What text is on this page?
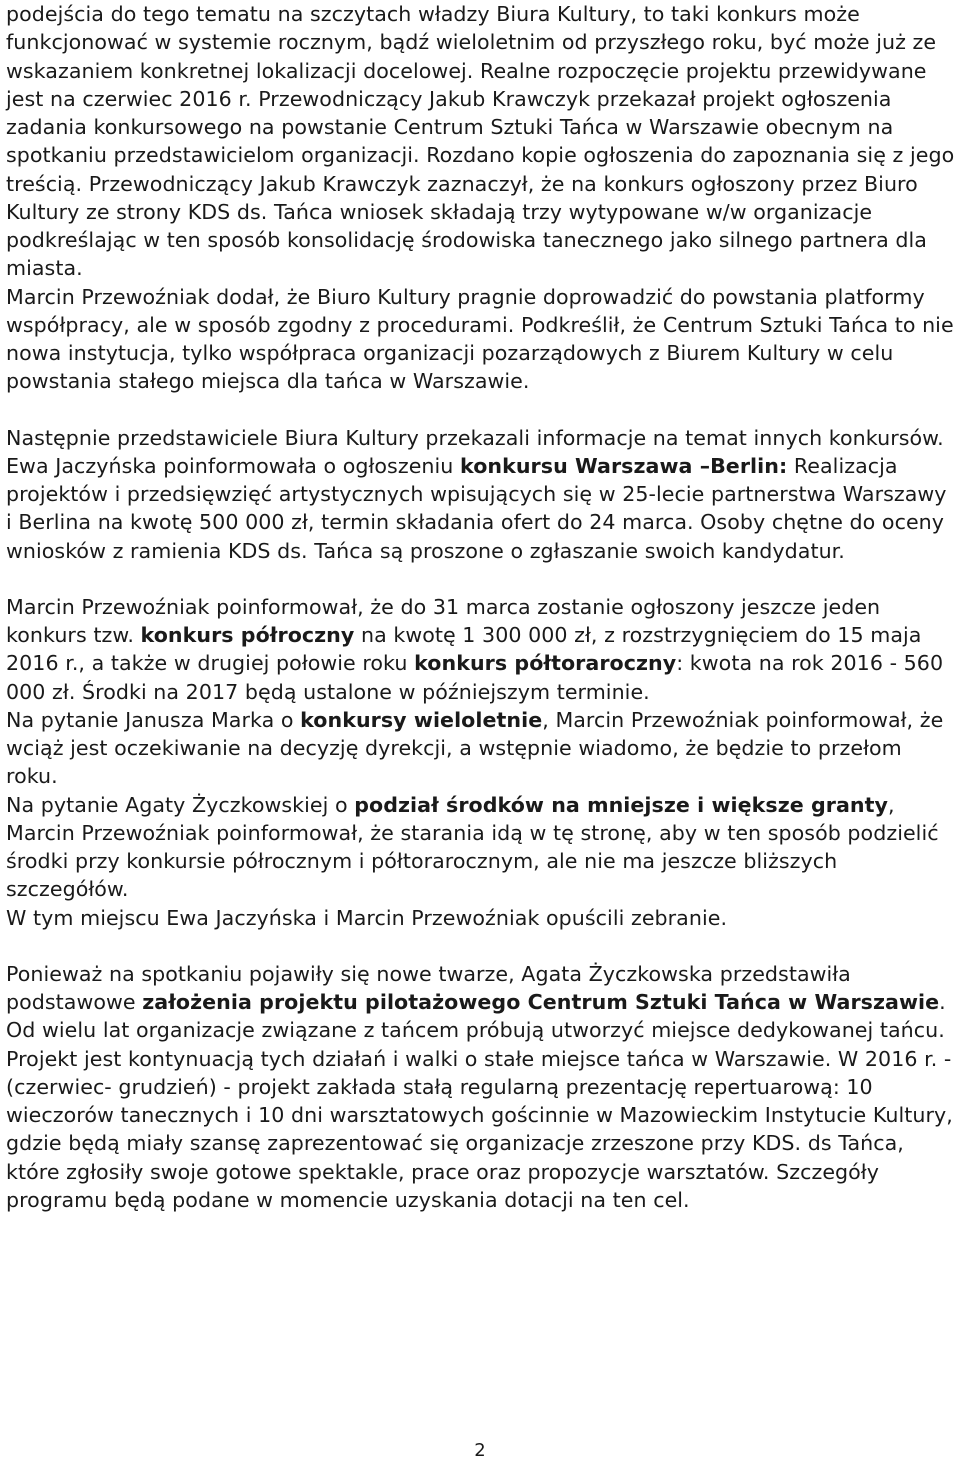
podejścia do tego tematu na szczytach władzy Biura Kultury, to taki konkurs może funkcjonować w systemie rocznym, bądź wieloletnim od przyszłego roku, być może już ze wskazaniem konkretnej lokalizacji docelowej. Realne rozpoczęcie projektu przewidywane jest na czerwiec 2016 r. Przewodniczący Jakub Krawczyk przekazał projekt ogłoszenia zadania konkursowego na powstanie Centrum Sztuki Tańca w Warszawie obecnym na spotkaniu przedstawicielom organizacji. Rozdano kopie ogłoszenia do zapoznania się z jego treścią. Przewodniczący Jakub Krawczyk zaznaczył, że na konkurs ogłoszony przez Biuro Kultury ze strony KDS ds. Tańca wniosek składają trzy wytypowane w/w organizacje podkreślając w ten sposób konsolidację środowiska tanecznego jako silnego partnera dla miasta.

Marcin Przewoźniak dodał, że Biuro Kultury pragnie doprowadzić do powstania platformy współpracy, ale w sposób zgodny z procedurami. Podkreślił, że Centrum Sztuki Tańca to nie nowa instytucja, tylko współpraca organizacji pozarządowych z Biurem Kultury w celu powstania stałego miejsca dla tańca w Warszawie.

Następnie przedstawiciele Biura Kultury przekazali informacje na temat innych konkursów.

Ewa Jaczyńska poinformowała o ogłoszeniu konkursu Warszawa –Berlin: Realizacja projektów i przedsięwzięć artystycznych wpisujących się w 25-lecie partnerstwa Warszawy i Berlina na kwotę 500 000 zł, termin składania ofert do 24 marca. Osoby chętne do oceny wniosków z ramienia KDS ds. Tańca są proszone o zgłaszanie swoich kandydatur.

Marcin Przewoźniak poinformował, że do 31 marca zostanie ogłoszony jeszcze jeden konkurs tzw. konkurs półroczny na kwotę 1 300 000 zł, z rozstrzygnięciem do 15 maja 2016 r., a także w drugiej połowie roku konkurs półtoraroczny: kwota na rok 2016 - 560 000 zł. Środki na 2017 będą ustalone w późniejszym terminie.

Na pytanie Janusza Marka o konkursy wieloletnie, Marcin Przewoźniak poinformował, że wciąż jest oczekiwanie na decyzję dyrekcji, a wstępnie wiadomo, że będzie to przełom roku.

Na pytanie Agaty Życzkowskiej o podział środków na mniejsze i większe granty, Marcin Przewoźniak poinformował, że starania idą w tę stronę, aby w ten sposób podzielić środki przy konkursie półrocznym i półtorarocznym, ale nie ma jeszcze bliższych szczegółów.

W tym miejscu Ewa Jaczyńska i Marcin Przewoźniak opuścili zebranie.

Ponieważ na spotkaniu pojawiły się nowe twarze, Agata Życzkowska przedstawiła podstawowe założenia projektu pilotażowego Centrum Sztuki Tańca w Warszawie. Od wielu lat organizacje związane z tańcem próbują utworzyć miejsce dedykowanej tańcu. Projekt jest kontynuacją tych działań i walki o stałe miejsce tańca w Warszawie. W 2016 r. - (czerwiec- grudzień) - projekt zakłada stałą regularną prezentację repertuarową: 10 wieczorów tanecznych i 10 dni warsztatowych gościnnie w Mazowieckim Instytucie Kultury, gdzie będą miały szansę zaprezentować się organizacje zrzeszone przy KDS. ds Tańca, które zgłosiły swoje gotowe spektakle, prace oraz propozycje warsztatów. Szczegóły programu będą podane w momencie uzyskania dotacji na ten cel.

2
